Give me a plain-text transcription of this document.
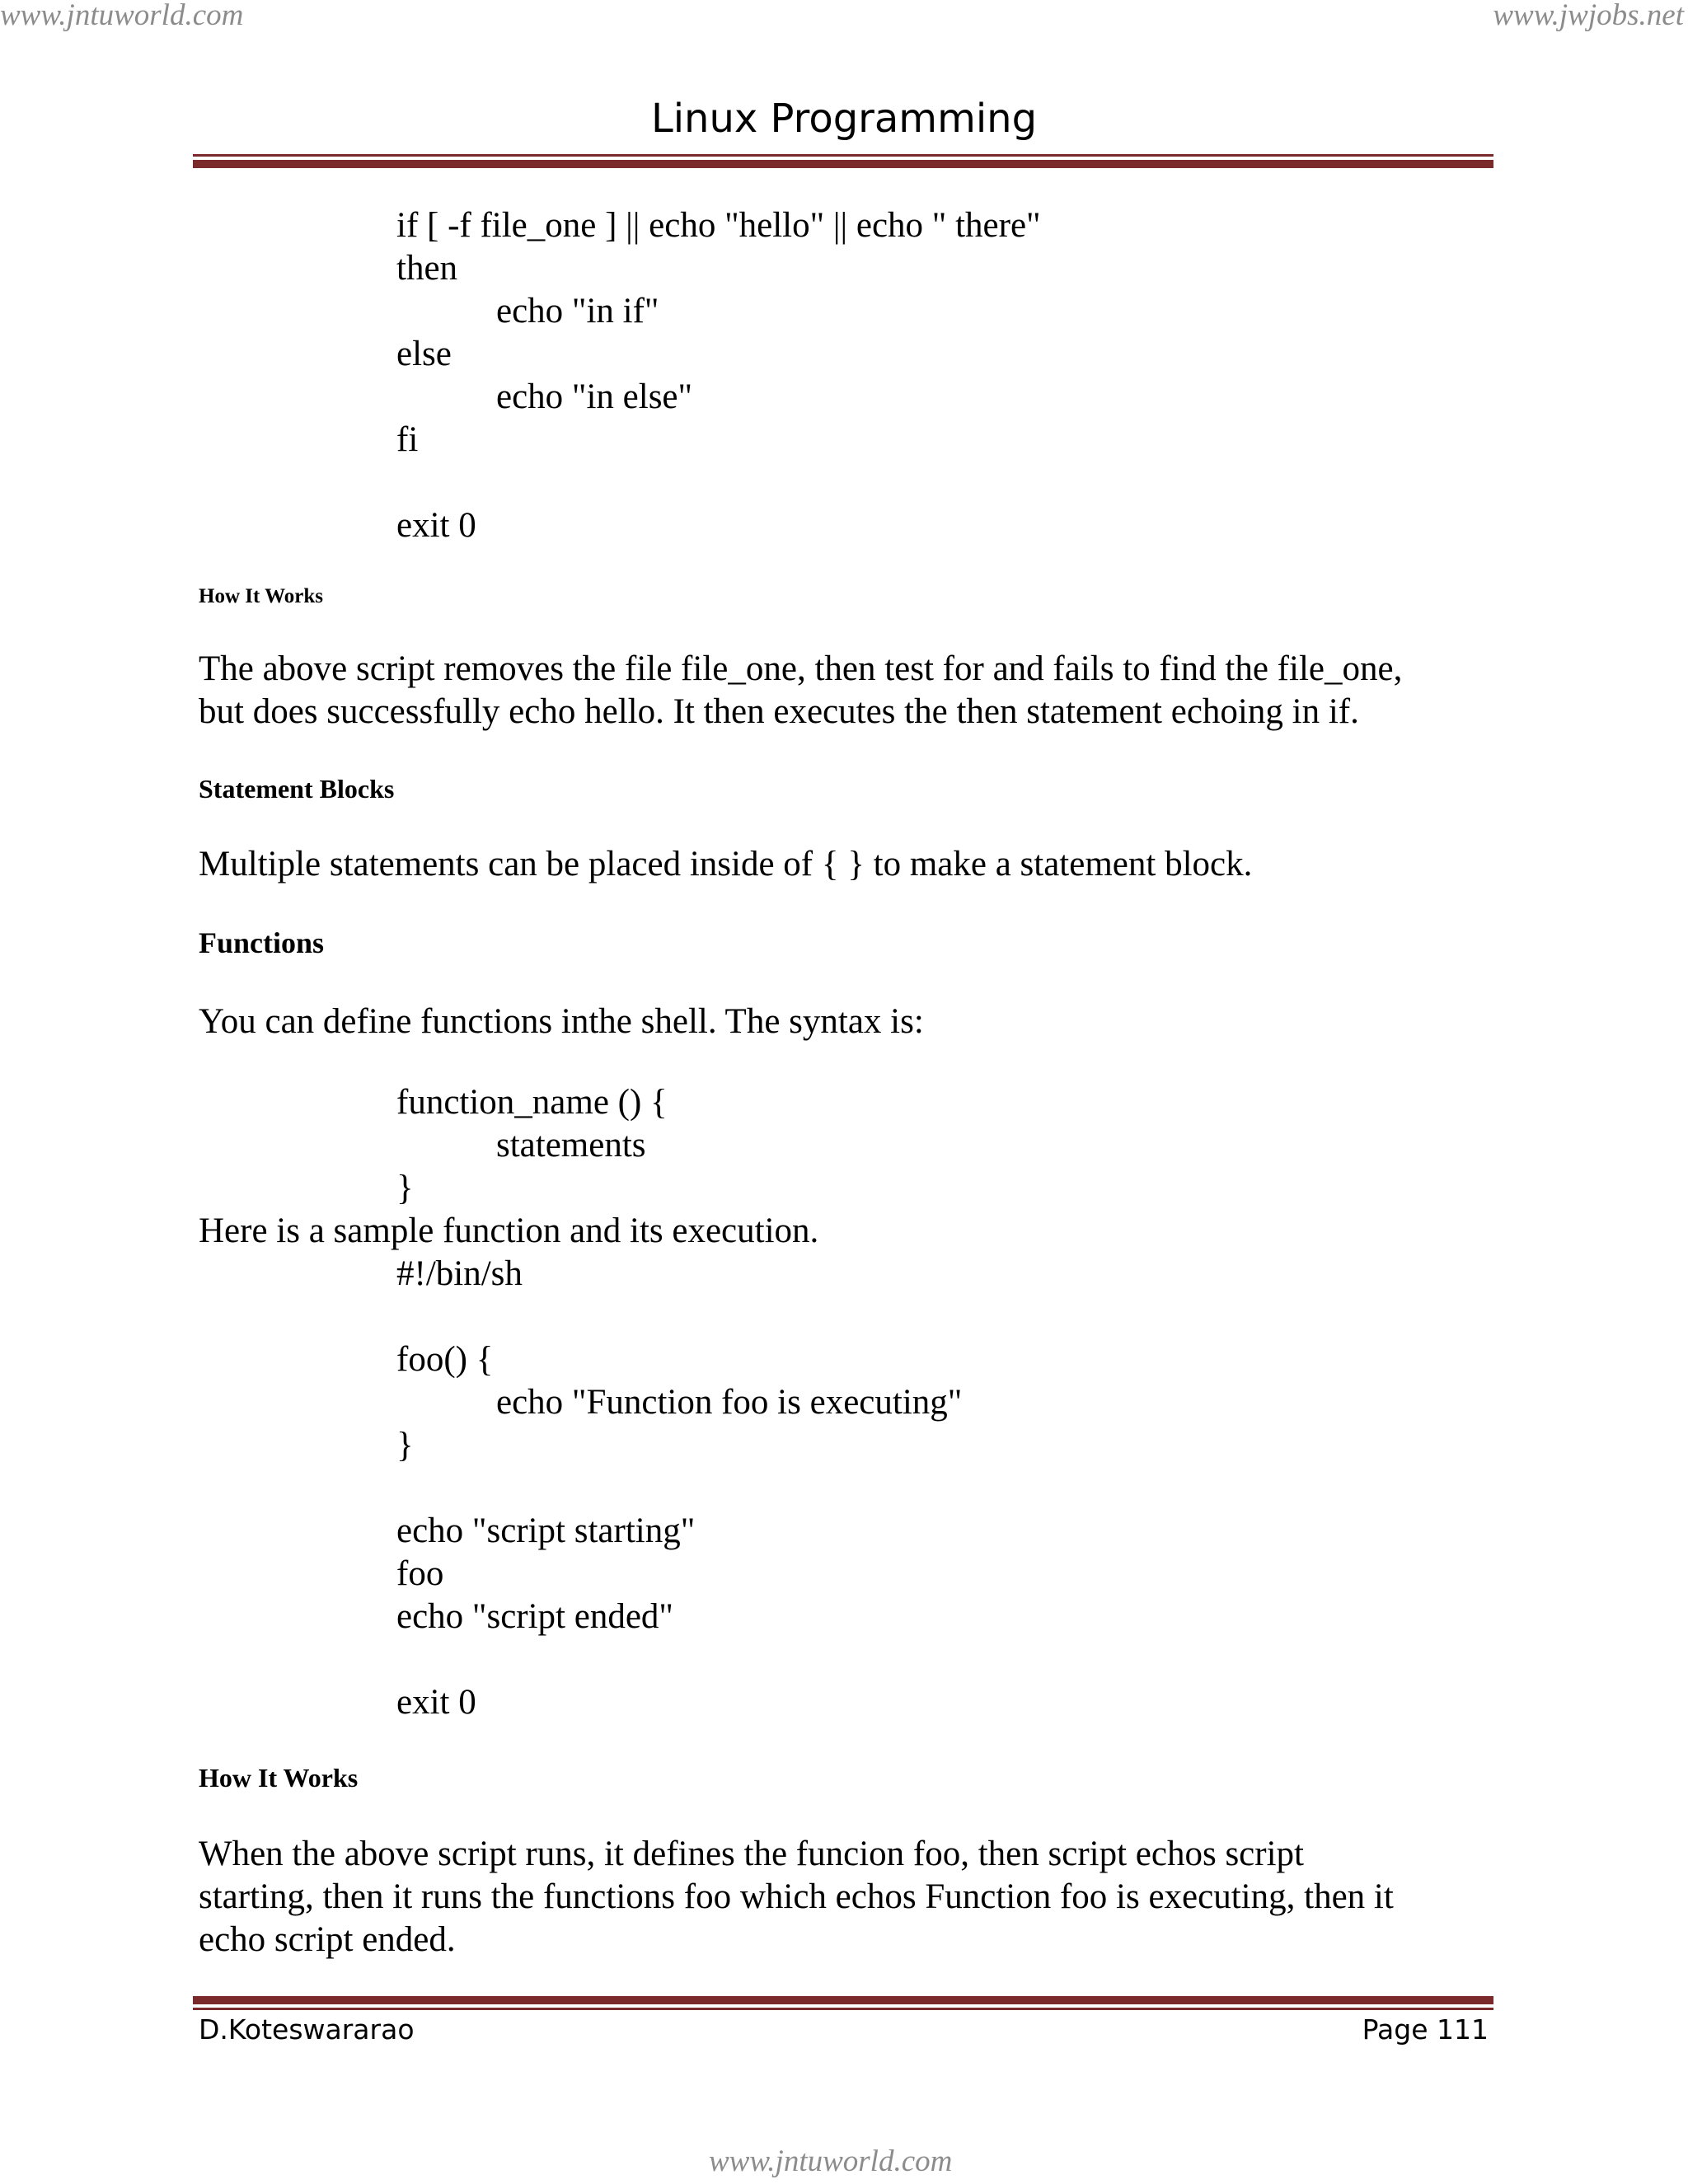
www.jntuworld.com	www.jwjobs.net
Linux Programming
if [ -f file_one ] || echo "hello" || echo " there"
then
echo "in if"
else
echo "in else"
fi
exit 0
How It Works
The above script removes the file file_one, then test for and fails to find the file_one,
but does successfully echo hello. It then executes the then statement echoing in if.
Statement Blocks
Multiple statements can be placed inside of { } to make a statement block.
Functions
You can define functions inthe shell. The syntax is:
function_name () {
statements
}
Here is a sample function and its execution.
#!/bin/sh
foo() {
echo "Function foo is executing"
}
echo "script starting"
foo
echo "script ended"
exit 0
How It Works
When the above script runs, it defines the funcion foo, then script echos script
starting, then it runs the functions foo which echos Function foo is executing, then it
echo script ended.
D.Koteswararao	Page 111
www.jntuworld.com
